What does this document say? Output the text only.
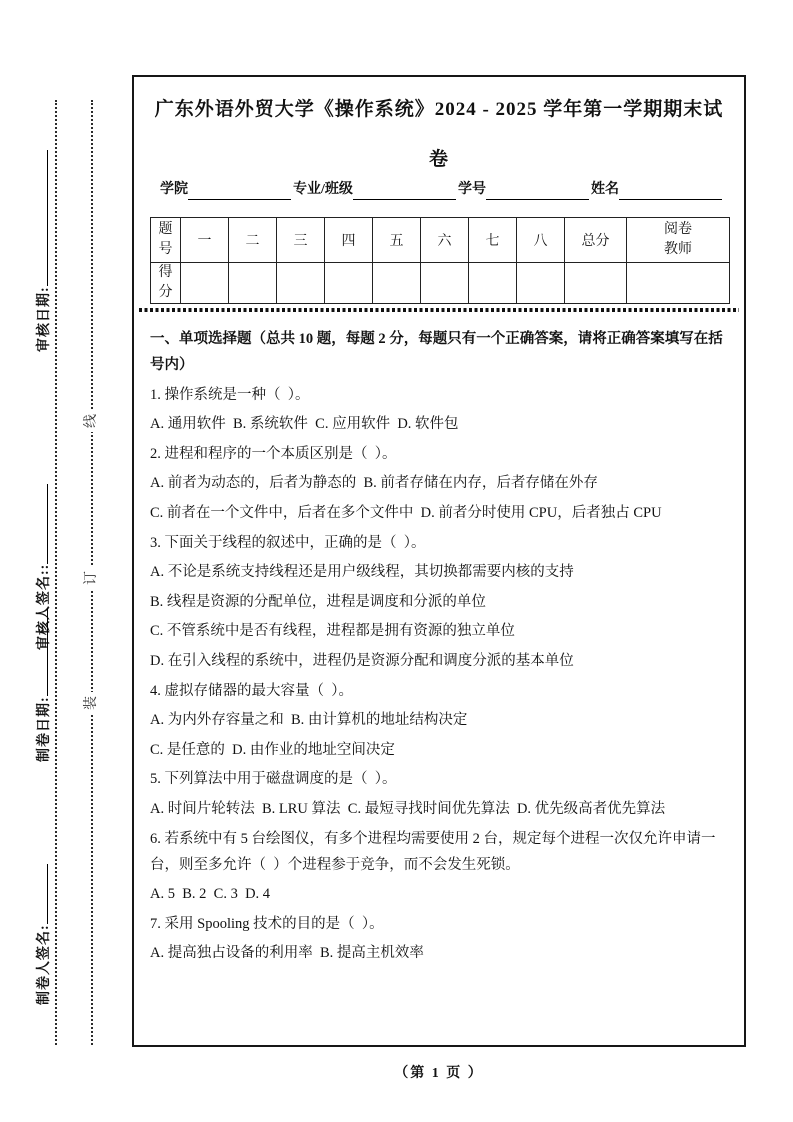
审核日期:
审核人签名::
制卷日期:
制卷人签名:
线
订
装
广东外语外贸大学《操作系统》2024 - 2025 学年第一学期期末试卷
学院	专业/班级	学号	姓名
题号	一	二	三	四	五	六	七	八	总分	阅卷教师
得分										

一、单项选择题（总共 10 题，每题 2 分，每题只有一个正确答案，请将正确答案填写在括号内）

1. 操作系统是一种（  ）。

A. 通用软件  B. 系统软件  C. 应用软件  D. 软件包

2. 进程和程序的一个本质区别是（  ）。

A. 前者为动态的，后者为静态的  B. 前者存储在内存，后者存储在外存

C. 前者在一个文件中，后者在多个文件中  D. 前者分时使用 CPU，后者独占 CPU

3. 下面关于线程的叙述中，正确的是（  ）。

A. 不论是系统支持线程还是用户级线程，其切换都需要内核的支持

B. 线程是资源的分配单位，进程是调度和分派的单位

C. 不管系统中是否有线程，进程都是拥有资源的独立单位

D. 在引入线程的系统中，进程仍是资源分配和调度分派的基本单位

4. 虚拟存储器的最大容量（  ）。

A. 为内外存容量之和  B. 由计算机的地址结构决定

C. 是任意的  D. 由作业的地址空间决定

5. 下列算法中用于磁盘调度的是（  ）。

A. 时间片轮转法  B. LRU 算法  C. 最短寻找时间优先算法  D. 优先级高者优先算法

6. 若系统中有 5 台绘图仪，有多个进程均需要使用 2 台，规定每个进程一次仅允许申请一台，则至多允许（  ）个进程参于竞争，而不会发生死锁。

A. 5  B. 2  C. 3  D. 4

7. 采用 Spooling 技术的目的是（  ）。

A. 提高独占设备的利用率  B. 提高主机效率

（第 1 页 ）
